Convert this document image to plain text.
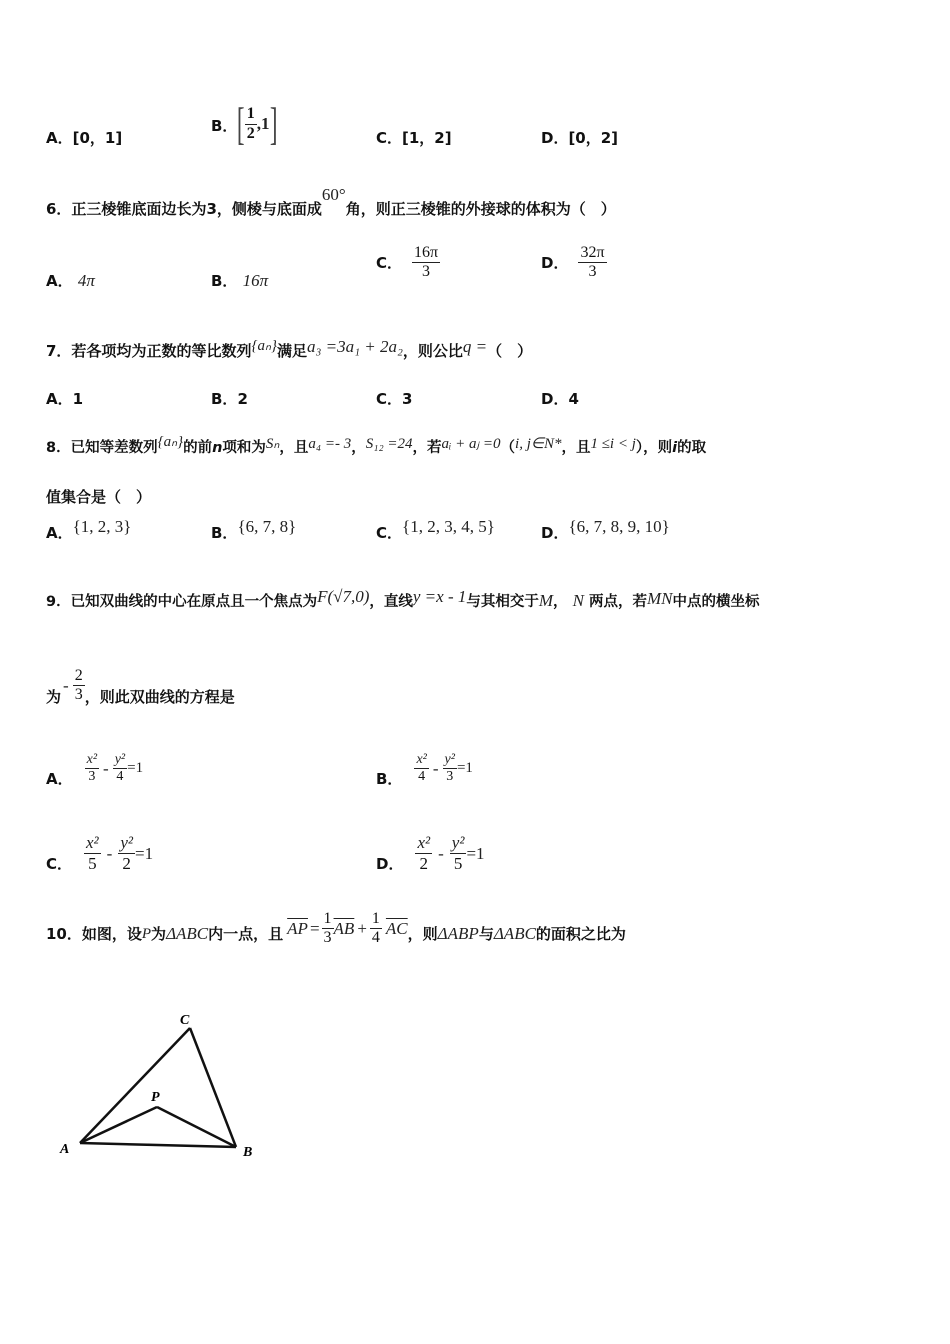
A．[0，1]
B． [ $\frac{1}{2} ,1$ ]	C．[1，2]	D．[0，2]
6．正三棱锥底面边长为3，侧棱与底面成60°角，则正三棱锥的外接球的体积为（　）
A． 4π	B． 16π
C． $\frac{16\pi}{3}$	D． $\frac{32\pi}{3}$
7．若各项均为正数的等比数列{aₙ}满足a₃ =3a₁ + 2a₂，则公比q =（　）
A．1	B．2	C．3	D．4
8．已知等差数列{aₙ}的前n项和为Sₙ，且a₄ =- 3，S₁₂ =24，若aᵢ + aⱼ =0（i, j∈N*，且1 ≤i < j），则i的取
值集合是（　）
A．{1, 2, 3}	B．{6, 7, 8}	C．{1, 2, 3, 4, 5}	D．{6, 7, 8, 9, 10}
9．已知双曲线的中心在原点且一个焦点为F(√7,0)，直线y =x - 1与其相交于M， N 两点，若MN中点的横坐标
为
- $\frac{2}{3}$ ，则此双曲线的方程是
A． $\frac{\text{x²}}{3} - \frac{\text{y²}}{4} =1$
B． $\frac{\text{x²}}{4} - \frac{\text{y²}}{3} =1$
C． $\frac{\text{x²}}{5} - \frac{\text{y²}}{2} =1$
D． $\frac{\text{x²}}{2} - \frac{\text{y²}}{5} =1$
10．如图，设 P 为 ΔABC 内一点，且 $\overline{AP} = \frac{1}{3} \overline{AB} + \frac{1}{4} \overline{AC}$ ，则 ΔABP 与 ΔABC 的面积之比为
A	B
C
P
